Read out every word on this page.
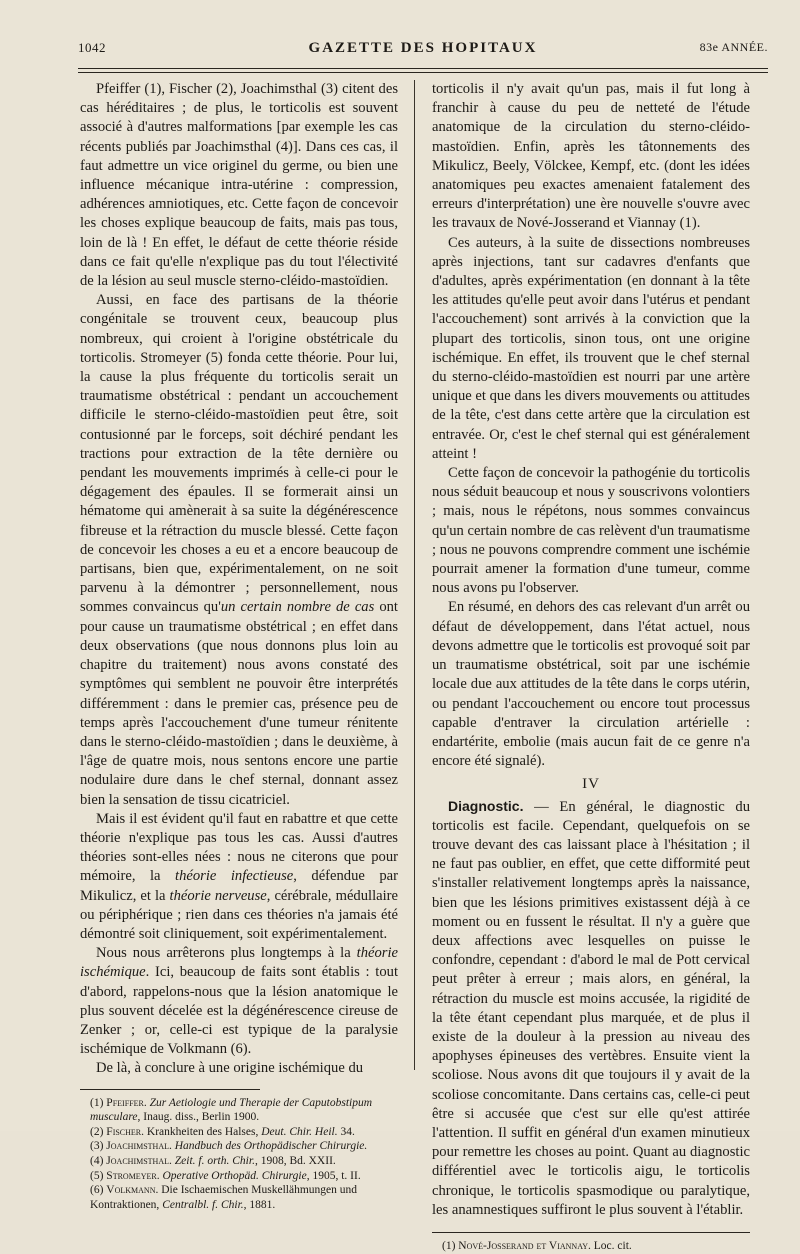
1042	GAZETTE DES HOPITAUX	83e ANNÉE.

Pfeiffer (1), Fischer (2), Joachimsthal (3) citent des cas héréditaires ; de plus, le torticolis est souvent associé à d'autres malformations [par exemple les cas récents publiés par Joachimsthal (4)]. Dans ces cas, il faut admettre un vice originel du germe, ou bien une influence mécanique intra-utérine : compression, adhérences amniotiques, etc. Cette façon de concevoir les choses explique beaucoup de faits, mais pas tous, loin de là ! En effet, le défaut de cette théorie réside dans ce fait qu'elle n'explique pas du tout l'électivité de la lésion au seul muscle sterno-cléido-mastoïdien.

Aussi, en face des partisans de la théorie congénitale se trouvent ceux, beaucoup plus nombreux, qui croient à l'origine obstétricale du torticolis. Stromeyer (5) fonda cette théorie. Pour lui, la cause la plus fréquente du torticolis serait un traumatisme obstétrical : pendant un accouchement difficile le sterno-cléido-mastoïdien peut être, soit contusionné par le forceps, soit déchiré pendant les tractions pour extraction de la tête dernière ou pendant les mouvements imprimés à celle-ci pour le dégagement des épaules. Il se formerait ainsi un hématome qui amènerait à sa suite la dégénérescence fibreuse et la rétraction du muscle blessé. Cette façon de concevoir les choses a eu et a encore beaucoup de partisans, bien que, expérimentalement, on ne soit parvenu à la démontrer ; personnellement, nous sommes convaincus qu'un certain nombre de cas ont pour cause un traumatisme obstétrical ; en effet dans deux observations (que nous donnons plus loin au chapitre du traitement) nous avons constaté des symptômes qui semblent ne pouvoir être interprétés différemment : dans le premier cas, présence peu de temps après l'accouchement d'une tumeur rénitente dans le sterno-cléido-mastoïdien ; dans le deuxième, à l'âge de quatre mois, nous sentons encore une partie nodulaire dure dans le chef sternal, donnant assez bien la sensation de tissu cicatriciel.

Mais il est évident qu'il faut en rabattre et que cette théorie n'explique pas tous les cas. Aussi d'autres théories sont-elles nées : nous ne citerons que pour mémoire, la théorie infectieuse, défendue par Mikulicz, et la théorie nerveuse, cérébrale, médullaire ou périphérique ; rien dans ces théories n'a jamais été démontré soit cliniquement, soit expérimentalement.

Nous nous arrêterons plus longtemps à la théorie ischémique. Ici, beaucoup de faits sont établis : tout d'abord, rappelons-nous que la lésion anatomique le plus souvent décelée est la dégénérescence cireuse de Zenker ; or, celle-ci est typique de la paralysie ischémique de Volkmann (6).

De là, à conclure à une origine ischémique du

(1) Pfeiffer. Zur Aetiologie und Therapie der Caputobstipum musculare, Inaug. diss., Berlin 1900.
(2) Fischer. Krankheiten des Halses, Deut. Chir. Heil. 34.
(3) Joachimsthal. Handbuch des Orthopädischer Chirurgie.
(4) Joachimsthal. Zeit. f. orth. Chir., 1908, Bd. XXII.
(5) Stromeyer. Operative Orthopäd. Chirurgie, 1905, t. II.
(6) Volkmann. Die Ischaemischen Muskellähmungen und Kontraktionen, Centralbl. f. Chir., 1881.

torticolis il n'y avait qu'un pas, mais il fut long à franchir à cause du peu de netteté de l'étude anatomique de la circulation du sterno-cléido-mastoïdien. Enfin, après les tâtonnements des Mikulicz, Beely, Völckee, Kempf, etc. (dont les idées anatomiques peu exactes amenaient fatalement des erreurs d'interprétation) une ère nouvelle s'ouvre avec les travaux de Nové-Josserand et Viannay (1).

Ces auteurs, à la suite de dissections nombreuses après injections, tant sur cadavres d'enfants que d'adultes, après expérimentation (en donnant à la tête les attitudes qu'elle peut avoir dans l'utérus et pendant l'accouchement) sont arrivés à la conviction que la plupart des torticolis, sinon tous, ont une origine ischémique. En effet, ils trouvent que le chef sternal du sterno-cléido-mastoïdien est nourri par une artère unique et que dans les divers mouvements ou attitudes de la tête, c'est dans cette artère que la circulation est entravée. Or, c'est le chef sternal qui est généralement atteint !

Cette façon de concevoir la pathogénie du torticolis nous séduit beaucoup et nous y souscrivons volontiers ; mais, nous le répétons, nous sommes convaincus qu'un certain nombre de cas relèvent d'un traumatisme ; nous ne pouvons comprendre comment une ischémie pourrait amener la formation d'une tumeur, comme nous avons pu l'observer.

En résumé, en dehors des cas relevant d'un arrêt ou défaut de développement, dans l'état actuel, nous devons admettre que le torticolis est provoqué soit par un traumatisme obstétrical, soit par une ischémie locale due aux attitudes de la tête dans le corps utérin, ou pendant l'accouchement ou encore tout processus capable d'entraver la circulation artérielle : endartérite, embolie (mais aucun fait de ce genre n'a encore été signalé).

IV

Diagnostic. — En général, le diagnostic du torticolis est facile. Cependant, quelquefois on se trouve devant des cas laissant place à l'hésitation ; il ne faut pas oublier, en effet, que cette difformité peut s'installer relativement longtemps après la naissance, bien que les lésions primitives existassent déjà à ce moment ou en fussent le résultat. Il n'y a guère que deux affections avec lesquelles on puisse le confondre, cependant : d'abord le mal de Pott cervical peut prêter à erreur ; mais alors, en général, la rétraction du muscle est moins accusée, la rigidité de la tête étant cependant plus marquée, et de plus il existe de la douleur à la pression au niveau des apophyses épineuses des vertèbres. Ensuite vient la scoliose. Nous avons dit que toujours il y avait de la scoliose concomitante. Dans certains cas, celle-ci peut être si accusée que c'est sur elle qu'est attirée l'attention. Il suffit en général d'un examen minutieux pour remettre les choses au point. Quant au diagnostic différentiel avec le torticolis aigu, le torticolis chronique, le torticolis spasmodique ou paralytique, les anamnestiques suffiront le plus souvent à l'établir.

(1) Nové-Josserand et Viannay. Loc. cit.
